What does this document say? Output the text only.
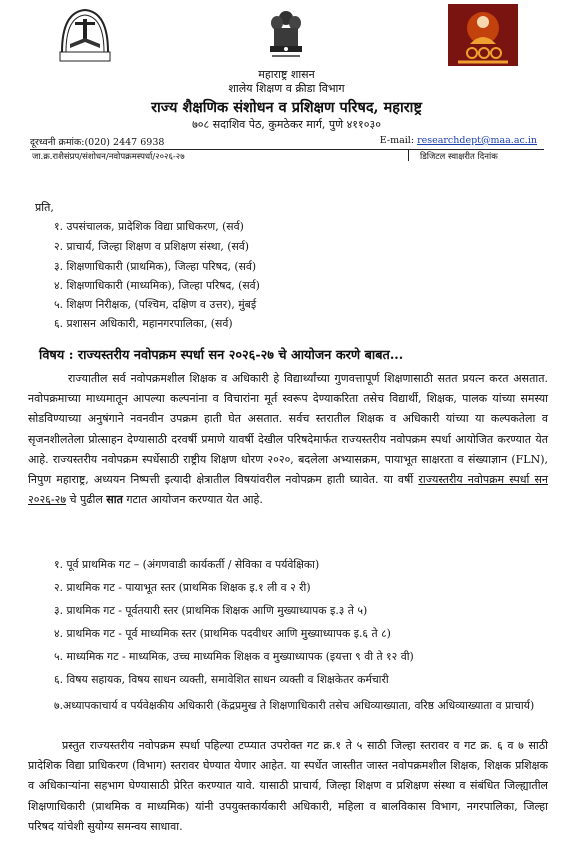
महाराष्ट्र शासन
शालेय शिक्षण व क्रीडा विभाग
राज्य शैक्षणिक संशोधन व प्रशिक्षण परिषद, महाराष्ट्र
७०८ सदाशिव पेठ, कुमठेकर मार्ग, पुणे ४११०३०
दूरध्वनी क्रमांक:(020) 2447 6938	E-mail: researchdept@maa.ac.in
जा.क्र.राशैसंप्रप/संशोधन/नवोपक्रमस्पर्धा/२०२६-२७	डिजिटल स्वाक्षरीत दिनांक
प्रति,
१. उपसंचालक, प्रादेशिक विद्या प्राधिकरण, (सर्व)
२. प्राचार्य, जिल्हा शिक्षण व प्रशिक्षण संस्था, (सर्व)
३. शिक्षणाधिकारी (प्राथमिक), जिल्हा परिषद, (सर्व)
४. शिक्षणाधिकारी (माध्यमिक), जिल्हा परिषद, (सर्व)
५. शिक्षण निरीक्षक, (पश्चिम, दक्षिण व उत्तर), मुंबई
६. प्रशासन अधिकारी, महानगरपालिका, (सर्व)
विषय : राज्यस्तरीय नवोपक्रम स्पर्धा सन २०२६-२७ चे आयोजन करणे बाबत...

राज्यातील सर्व नवोपक्रमशील शिक्षक व अधिकारी हे विद्यार्थ्यांच्या गुणवत्तापूर्ण शिक्षणासाठी सतत प्रयत्न करत असतात. नवोपक्रमाच्या माध्यमातून आपल्या कल्पनांना व विचारांना मूर्त स्वरूप देण्याकरिता तसेच विद्यार्थी, शिक्षक, पालक यांच्या समस्या सोडविण्याच्या अनुषंगाने नवनवीन उपक्रम हाती घेत असतात. सर्वच स्तरातील शिक्षक व अधिकारी यांच्या या कल्पकतेला व सृजनशीलतेला प्रोत्साहन देण्यासाठी दरवर्षी प्रमाणे यावर्षी देखील परिषदेमार्फत राज्यस्तरीय नवोपक्रम स्पर्धा आयोजित करण्यात येत आहे. राज्यस्तरीय नवोपक्रम स्पर्धेसाठी राष्ट्रीय शिक्षण धोरण २०२०, बदलेला अभ्यासक्रम, पायाभूत साक्षरता व संख्याज्ञान (FLN), निपुण महाराष्ट्र, अध्ययन निष्पत्ती इत्यादी क्षेत्रातील विषयांवरील नवोपक्रम हाती घ्यावेत. या वर्षी राज्यस्तरीय नवोपक्रम स्पर्धा सन २०२६-२७ चे पुढील सात गटात आयोजन करण्यात येत आहे.

१. पूर्व प्राथमिक गट – (अंगणवाडी कार्यकर्ती / सेविका व पर्यवेक्षिका)
२. प्राथमिक गट - पायाभूत स्तर (प्राथमिक शिक्षक इ.१ ली व २ री)
३. प्राथमिक गट - पूर्वतयारी स्तर (प्राथमिक शिक्षक आणि मुख्याध्यापक इ.३ ते ५)
४. प्राथमिक गट - पूर्व माध्यमिक स्तर (प्राथमिक पदवीधर आणि मुख्याध्यापक इ.६ ते ८)
५. माध्यमिक गट - माध्यमिक, उच्च माध्यमिक शिक्षक व मुख्याध्यापक (इयत्ता ९ वी ते १२ वी)
६. विषय सहायक, विषय साधन व्यक्ती, समावेशित साधन व्यक्ती व शिक्षकेतर कर्मचारी

७.अध्यापकाचार्य व पर्यवेक्षकीय अधिकारी (केंद्रप्रमुख ते शिक्षणाधिकारी तसेच अधिव्याख्याता, वरिष्ठ अधिव्याख्याता व प्राचार्य)

प्रस्तुत राज्यस्तरीय नवोपक्रम स्पर्धा पहिल्या टप्प्यात उपरोक्त गट क्र.१ ते ५ साठी जिल्हा स्तरावर व गट क्र. ६ व ७ साठी प्रादेशिक विद्या प्राधिकरण (विभाग) स्तरावर घेण्यात येणार आहेत. या स्पर्धेत जास्तीत जास्त नवोपक्रमशील शिक्षक, शिक्षक प्रशिक्षक व अधिकाऱ्यांना सहभाग घेण्यासाठी प्रेरित करण्यात यावे. यासाठी प्राचार्य, जिल्हा शिक्षण व प्रशिक्षण संस्था व संबंधित जिल्ह्यातील शिक्षणाधिकारी (प्राथमिक व माध्यमिक) यांनी उपयुक्तकार्यकारी अधिकारी, महिला व बालविकास विभाग, नगरपालिका, जिल्हा परिषद यांचेशी सुयोग्य समन्वय साधावा.
